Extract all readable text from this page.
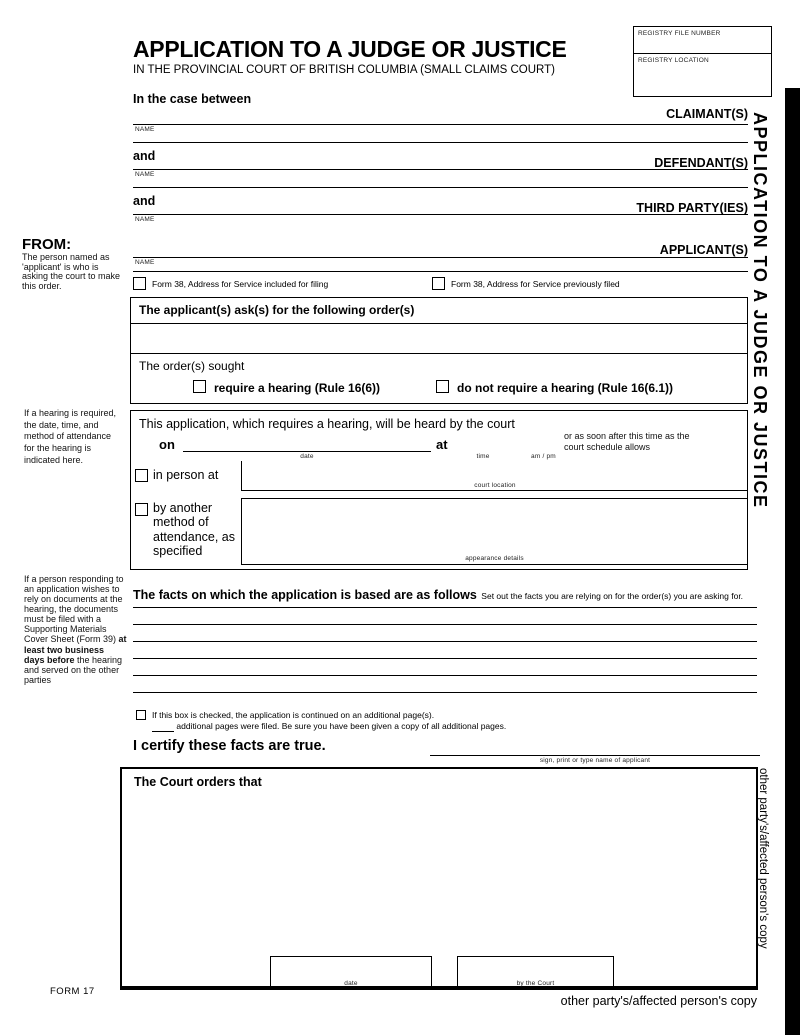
REGISTRY FILE NUMBER
REGISTRY LOCATION
APPLICATION TO A JUDGE OR JUSTICE
IN THE PROVINCIAL COURT OF BRITISH COLUMBIA (SMALL CLAIMS COURT)
In the case between
CLAIMANT(S)
NAME
and	DEFENDANT(S)
NAME
and	THIRD PARTY(IES)
NAME
APPLICANT(S)
NAME
FROM:
The person named as 'applicant' is who is asking the court to make this order.	Form 38, Address for Service included for filing	Form 38, Address for Service previously filed
The applicant(s) ask(s) for the following order(s)
The order(s) sought
require a hearing (Rule 16(6))	do not require a hearing (Rule 16(6.1))
This application, which requires a hearing, will be heard by the court
on
date
at
time	am / pm
or as soon after this time as the court schedule allows
in person at
court location
by another method of attendance, as specified
appearance details
If a hearing is required, the date, time, and method of attendance for the hearing is indicated here.
If a person responding to an application wishes to rely on documents at the hearing, the documents must be filed with a Supporting Materials Cover Sheet (Form 39) at least two business days before the hearing and served on the other parties
The facts on which the application is based are as follows Set out the facts you are relying on for the order(s) you are asking for.
If this box is checked, the application is continued on an additional page(s).
additional pages were filed. Be sure you have been given a copy of all additional pages.
I certify these facts are true.
sign, print or type name of applicant
The Court orders that
date	by the Court
FORM 17
other party's/affected person's copy
APPLICATION TO A JUDGE OR JUSTICE
other party's/affected person's copy
